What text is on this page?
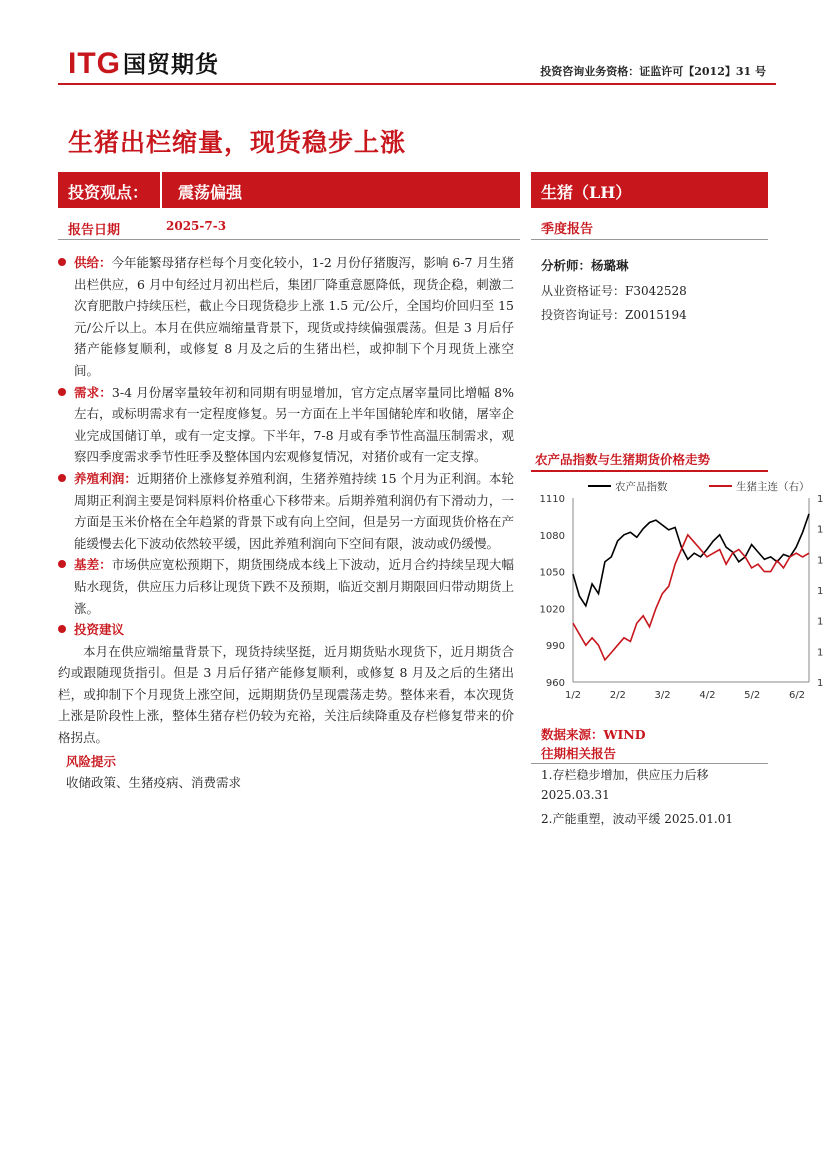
ITG 国贸期货	投资咨询业务资格：证监许可【2012】31 号
生猪出栏缩量，现货稳步上涨
投资观点： 震荡偏强
报告日期	2025-7-3
供给：今年能繁母猪存栏每个月变化较小，1-2 月份仔猪腹泻，影响 6-7 月生猪出栏供应，6 月中旬经过月初出栏后，集团厂降重意愿降低，现货企稳，刺激二次育肥散户持续压栏，截止今日现货稳步上涨 1.5 元/公斤，全国均价回归至 15 元/公斤以上。本月在供应端缩量背景下，现货或持续偏强震荡。但是 3 月后仔猪产能修复顺利，或修复 8 月及之后的生猪出栏，或抑制下个月现货上涨空间。
需求：3-4 月份屠宰量较年初和同期有明显增加，官方定点屠宰量同比增幅 8%左右，或标明需求有一定程度修复。另一方面在上半年国储轮库和收储，屠宰企业完成国储订单，或有一定支撑。下半年，7-8 月或有季节性高温压制需求，观察四季度需求季节性旺季及整体国内宏观修复情况，对猪价或有一定支撑。
养殖利润：近期猪价上涨修复养殖利润，生猪养殖持续 15 个月为正利润。本轮周期正利润主要是饲料原料价格重心下移带来。后期养殖利润仍有下滑动力，一方面是玉米价格在全年趋紧的背景下或有向上空间，但是另一方面现货价格在产能缓慢去化下波动依然较平缓，因此养殖利润向下空间有限，波动或仍缓慢。
基差：市场供应宽松预期下，期货围绕成本线上下波动，近月合约持续呈现大幅贴水现货，供应压力后移让现货下跌不及预期，临近交割月期限回归带动期货上涨。
投资建议
本月在供应端缩量背景下，现货持续坚挺，近月期货贴水现货下，近月期货合约或跟随现货指引。但是 3 月后仔猪产能修复顺利，或修复 8 月及之后的生猪出栏，或抑制下个月现货上涨空间，远期期货仍呈现震荡走势。整体来看，本次现货上涨是阶段性上涨，整体生猪存栏仍较为充裕，关注后续降重及存栏修复带来的价格拐点。
风险提示
收储政策、生猪疫病、消费需求
生猪（LH）
季度报告
分析师：杨璐琳
从业资格证号：F3042528
投资咨询证号：Z0015194
农产品指数与生猪期货价格走势
960
990
1020
1050
1080
1110	1
1
1
1
1
1
1
1/2	2/2	3/2	4/2	5/2	6/2
农产品指数	生猪主连（右）
数据来源：WIND
往期相关报告
1.存栏稳步增加，供应压力后移
2025.03.31
2.产能重塑，波动平缓 2025.01.01
